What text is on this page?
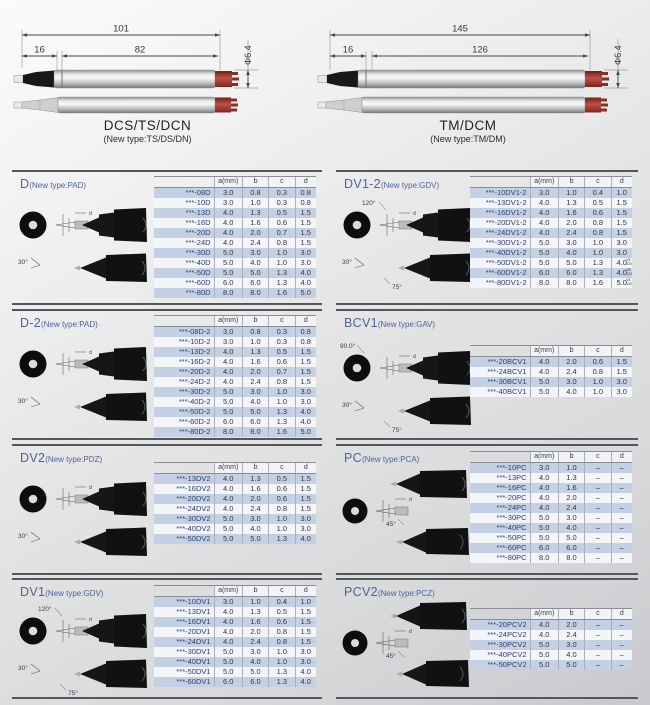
101
16	82	Φ6.4
145
16	126	Φ6.4
DCS/TS/DCN
(New type:TS/DS/DN)
TM/DCM
(New type:TM/DM)
D(New type:PAD)
d
30°
a(mm)	b	c	d
***-08D	3.0	0.8	0.3	0.8
***-10D	3.0	1.0	0.3	0.8
***-13D	4.0	1.3	0.5	1.5
***-16D	4.0	1.6	0.6	1.5
***-20D	4.0	2.0	0.7	1.5
***-24D	4.0	2.4	0.8	1.5
***-30D	5.0	3.0	1.0	3.0
***-40D	5.0	4.0	1.0	3.0
***-50D	5.0	5.0	1.3	4.0
***-60D	6.0	6.0	1.3	4.0
***-80D	8.0	8.0	1.6	5.0
DV1-2(New type:GDV)
d
120°
30°
75°
a(mm)	b	c	d
***-10DV1-2	3.0	1.0	0.4	1.0
***-13DV1-2	4.0	1.3	0.5	1.5
***-16DV1-2	4.0	1.6	0.6	1.5
***-20DV1-2	4.0	2.0	0.8	1.5
***-24DV1-2	4.0	2.4	0.8	1.5
***-30DV1-2	5.0	3.0	1.0	3.0
***-40DV1-2	5.0	4.0	1.0	3.0
***-50DV1-2	5.0	5.0	1.3	4.0 V8
120
***-60DV1-2	6.0	6.0	1.3	4.0 V8
120
***-80DV1-2	8.0	8.0	1.6	5.0 V8
120
D-2(New type:PAD)
d
30°
a(mm)	b	c	d
***-08D-2	3.0	0.8	0.3	0.8
***-10D-2	3.0	1.0	0.3	0.8
***-13D-2	4.0	1.3	0.5	1.5
***-16D-2	4.0	1.6	0.6	1.5
***-20D-2	4.0	2.0	0.7	1.5
***-24D-2	4.0	2.4	0.8	1.5
***-30D-2	5.0	3.0	1.0	3.0
***-40D-2	5.0	4.0	1.0	3.0
***-50D-2	5.0	5.0	1.3	4.0
***-60D-2	6.0	6.0	1.3	4.0
***-80D-2	8.0	8.0	1.6	5.0
BCV1(New type:GAV)
d
90.0°
30°
75°
a(mm)	b	c	d
***-20BCV1	4.0	2.0	0.6	1.5
***-24BCV1	4.0	2.4	0.8	1.5
***-30BCV1	5.0	3.0	1.0	3.0
***-40BCV1	5.0	4.0	1.0	3.0
DV2(New type:PDZ)
d
30°
a(mm)	b	c	d
***-13DV2	4.0	1.3	0.5	1.5
***-16DV2	4.0	1.6	0.6	1.5
***-20DV2	4.0	2.0	0.6	1.5
***-24DV2	4.0	2.4	0.8	1.5
***-30DV2	5.0	3.0	1.0	3.0
***-40DV2	5.0	4.0	1.0	3.0
***-50DV2	5.0	5.0	1.3	4.0
PC(New type:PCA)
d
45°
a(mm)	b	c	d
***-10PC	3.0	1.0	–	–
***-13PC	4.0	1.3	–	–
***-16PC	4.0	1.6	–	–
***-20PC	4.0	2.0	–	–
***-24PC	4.0	2.4	–	–
***-30PC	5.0	3.0	–	–
***-40PC	5.0	4.0	–	–
***-50PC	5.0	5.0	–	–
***-60PC	6.0	6.0	–	–
***-80PC	8.0	8.0	–	–
DV1(New type:GDV)
d
120°
30°
75°
a(mm)	b	c	d
***-10DV1	3.0	1.0	0.4	1.0
***-13DV1	4.0	1.3	0.5	1.5
***-16DV1	4.0	1.6	0.6	1.5
***-20DV1	4.0	2.0	0.8	1.5
***-24DV1	4.0	2.4	0.8	1.5
***-30DV1	5.0	3.0	1.0	3.0
***-40DV1	5.0	4.0	1.0	3.0
***-50DV1	5.0	5.0	1.3	4.0
***-60DV1	6.0	6.0	1.3	4.0
PCV2(New type:PCZ)
d
45°
a(mm)	b	c	d
***-20PCV2	4.0	2.0	–	–
***-24PCV2	4.0	2.4	–	–
***-30PCV2	5.0	3.0	–	–
***-40PCV2	5.0	4.0	–	–
***-50PCV2	5.0	5.0	–	–
